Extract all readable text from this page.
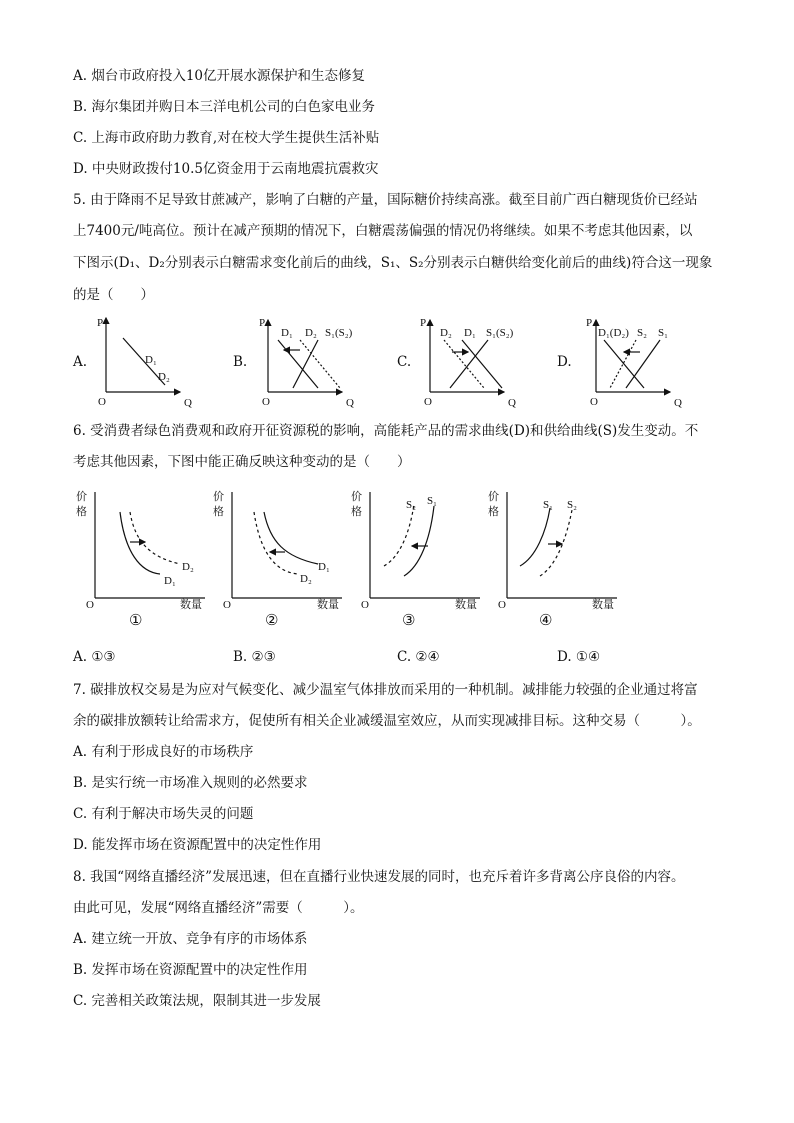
A. 烟台市政府投入10亿开展水源保护和生态修复
B. 海尔集团并购日本三洋电机公司的白色家电业务
C. 上海市政府助力教育,对在校大学生提供生活补贴
D. 中央财政拨付10.5亿资金用于云南地震抗震救灾
5. 由于降雨不足导致甘蔗减产，影响了白糖的产量，国际糖价持续高涨。截至目前广西白糖现货价已经站
上7400元/吨高位。预计在减产预期的情况下，白糖震荡偏强的情况仍将继续。如果不考虑其他因素，以
下图示(D₁、D₂分别表示白糖需求变化前后的曲线，S₁、S₂分别表示白糖供给变化前后的曲线)符合这一现象
的是（　　）
A.	B.	C.	D.
P
O	Q
D₁
D₂
P
O	Q
D₁ D₂ S₁(S₂)
P
O	Q
D₂ D₁ S₁(S₂)
P
O	Q
D₁(D₂) S₂ S₁
6. 受消费者绿色消费观和政府开征资源税的影响，高能耗产品的需求曲线(D)和供给曲线(S)发生变动。不
考虑其他因素，下图中能正确反映这种变动的是（　　）
价
格
O	数量
D₂
D₁
价
格
O	数量
D₁
D₂
价
格
O	数量
S₂ S₁	价
格
O	数量
S₁ S₂
①	②	③	④
A. ①③	B. ②③	C. ②④	D. ①④
7. 碳排放权交易是为应对气候变化、减少温室气体排放而采用的一种机制。减排能力较强的企业通过将富
余的碳排放额转让给需求方，促使所有相关企业减缓温室效应，从而实现减排目标。这种交易（　　　）。
A. 有利于形成良好的市场秩序
B. 是实行统一市场准入规则的必然要求
C. 有利于解决市场失灵的问题
D. 能发挥市场在资源配置中的决定性作用
8. 我国“网络直播经济”发展迅速，但在直播行业快速发展的同时，也充斥着许多背离公序良俗的内容。
由此可见，发展“网络直播经济”需要（　　　）。
A. 建立统一开放、竞争有序的市场体系
B. 发挥市场在资源配置中的决定性作用
C. 完善相关政策法规，限制其进一步发展
